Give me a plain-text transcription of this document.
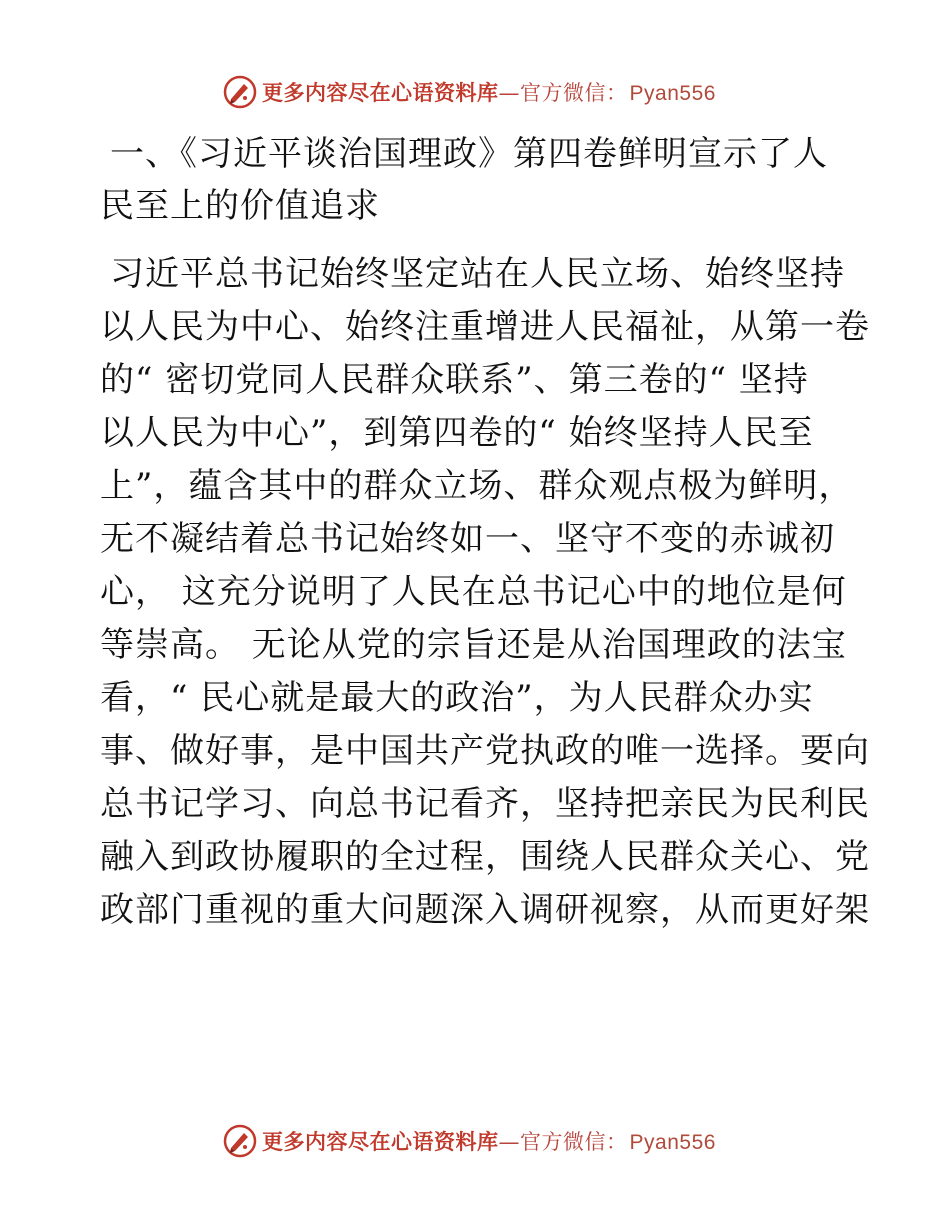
更多内容尽在心语资料库—官方微信：Pyan556
一、《习近平谈治国理政》第四卷鲜明宣示了人
民至上的价值追求

习近平总书记始终坚定站在人民立场、始终坚持
以人民为中心、始终注重增进人民福祉，从第一卷
的“ 密切党同人民群众联系”、第三卷的“ 坚持
以人民为中心”，到第四卷的“ 始终坚持人民至
上”，蕴含其中的群众立场、群众观点极为鲜明，
无不凝结着总书记始终如一、坚守不变的赤诚初
心， 这充分说明了人民在总书记心中的地位是何
等崇高。 无论从党的宗旨还是从治国理政的法宝
看，“ 民心就是最大的政治”，为人民群众办实
事、做好事，是中国共产党执政的唯一选择。要向
总书记学习、向总书记看齐，坚持把亲民为民利民
融入到政协履职的全过程，围绕人民群众关心、党
政部门重视的重大问题深入调研视察，从而更好架

更多内容尽在心语资料库—官方微信：Pyan556
